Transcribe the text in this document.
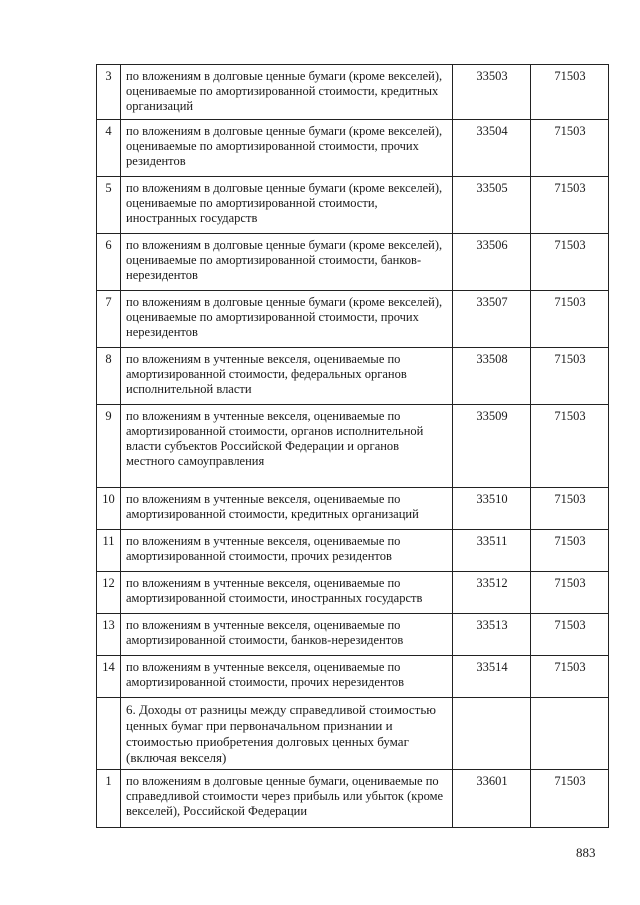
3	по вложениям в долговые ценные бумаги (кроме векселей), оцениваемые по амортизированной стоимости, кредитных организаций	33503	71503
4	по вложениям в долговые ценные бумаги (кроме векселей), оцениваемые по амортизированной стоимости, прочих резидентов	33504	71503
5	по вложениям в долговые ценные бумаги (кроме векселей), оцениваемые по амортизированной стоимости, иностранных государств	33505	71503
6	по вложениям в долговые ценные бумаги (кроме векселей), оцениваемые по амортизированной стоимости, банков-нерезидентов	33506	71503
7	по вложениям в долговые ценные бумаги (кроме векселей), оцениваемые по амортизированной стоимости, прочих нерезидентов	33507	71503
8	по вложениям в учтенные векселя, оцениваемые по амортизированной стоимости, федеральных органов исполнительной власти	33508	71503
9	по вложениям в учтенные векселя, оцениваемые по амортизированной стоимости, органов исполнительной власти субъектов Российской Федерации и органов местного самоуправления	33509	71503
10	по вложениям в учтенные векселя, оцениваемые по амортизированной стоимости, кредитных организаций	33510	71503
11	по вложениям в учтенные векселя, оцениваемые по амортизированной стоимости, прочих резидентов	33511	71503
12	по вложениям в учтенные векселя, оцениваемые по амортизированной стоимости, иностранных государств	33512	71503
13	по вложениям в учтенные векселя, оцениваемые по амортизированной стоимости, банков-нерезидентов	33513	71503
14	по вложениям в учтенные векселя, оцениваемые по амортизированной стоимости, прочих нерезидентов	33514	71503
	6. Доходы от разницы между справедливой стоимостью ценных бумаг при первоначальном признании и стоимостью приобретения долговых ценных бумаг (включая векселя)		
1	по вложениям в долговые ценные бумаги, оцениваемые по справедливой стоимости через прибыль или убыток (кроме векселей), Российской Федерации	33601	71503
883
